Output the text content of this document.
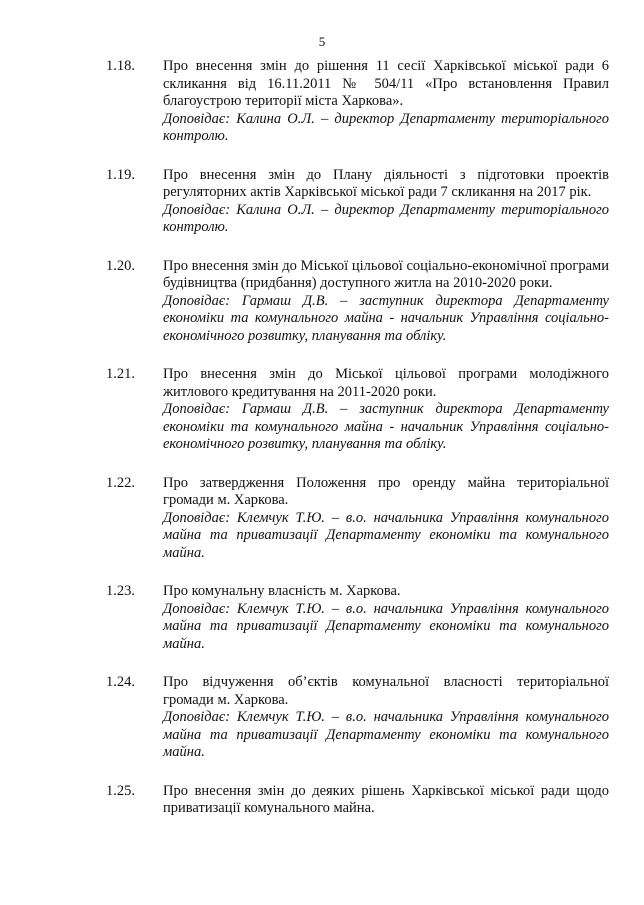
5
1.18. Про внесення змін до рішення 11 сесії Харківської міської ради 6 скликання від 16.11.2011 № 504/11 «Про встановлення Правил благоустрою території міста Харкова».
Доповідає: Калина О.Л. – директор Департаменту територіального контролю.
1.19. Про внесення змін до Плану діяльності з підготовки проектів регуляторних актів Харківської міської ради 7 скликання на 2017 рік.
Доповідає: Калина О.Л. – директор Департаменту територіального контролю.
1.20. Про внесення змін до Міської цільової соціально-економічної програми будівництва (придбання) доступного житла на 2010-2020 роки.
Доповідає: Гармаш Д.В. – заступник директора Департаменту економіки та комунального майна - начальник Управління соціально-економічного розвитку, планування та обліку.
1.21. Про внесення змін до Міської цільової програми молодіжного житлового кредитування на 2011-2020 роки.
Доповідає: Гармаш Д.В. – заступник директора Департаменту економіки та комунального майна - начальник Управління соціально-економічного розвитку, планування та обліку.
1.22. Про затвердження Положення про оренду майна територіальної громади м. Харкова.
Доповідає: Клемчук Т.Ю. – в.о. начальника Управління комунального майна та приватизації Департаменту економіки та комунального майна.
1.23. Про комунальну власність м. Харкова.
Доповідає: Клемчук Т.Ю. – в.о. начальника Управління комунального майна та приватизації Департаменту економіки та комунального майна.
1.24. Про відчуження об’єктів комунальної власності територіальної громади м. Харкова.
Доповідає: Клемчук Т.Ю. – в.о. начальника Управління комунального майна та приватизації Департаменту економіки та комунального майна.
1.25. Про внесення змін до деяких рішень Харківської міської ради щодо приватизації комунального майна.
